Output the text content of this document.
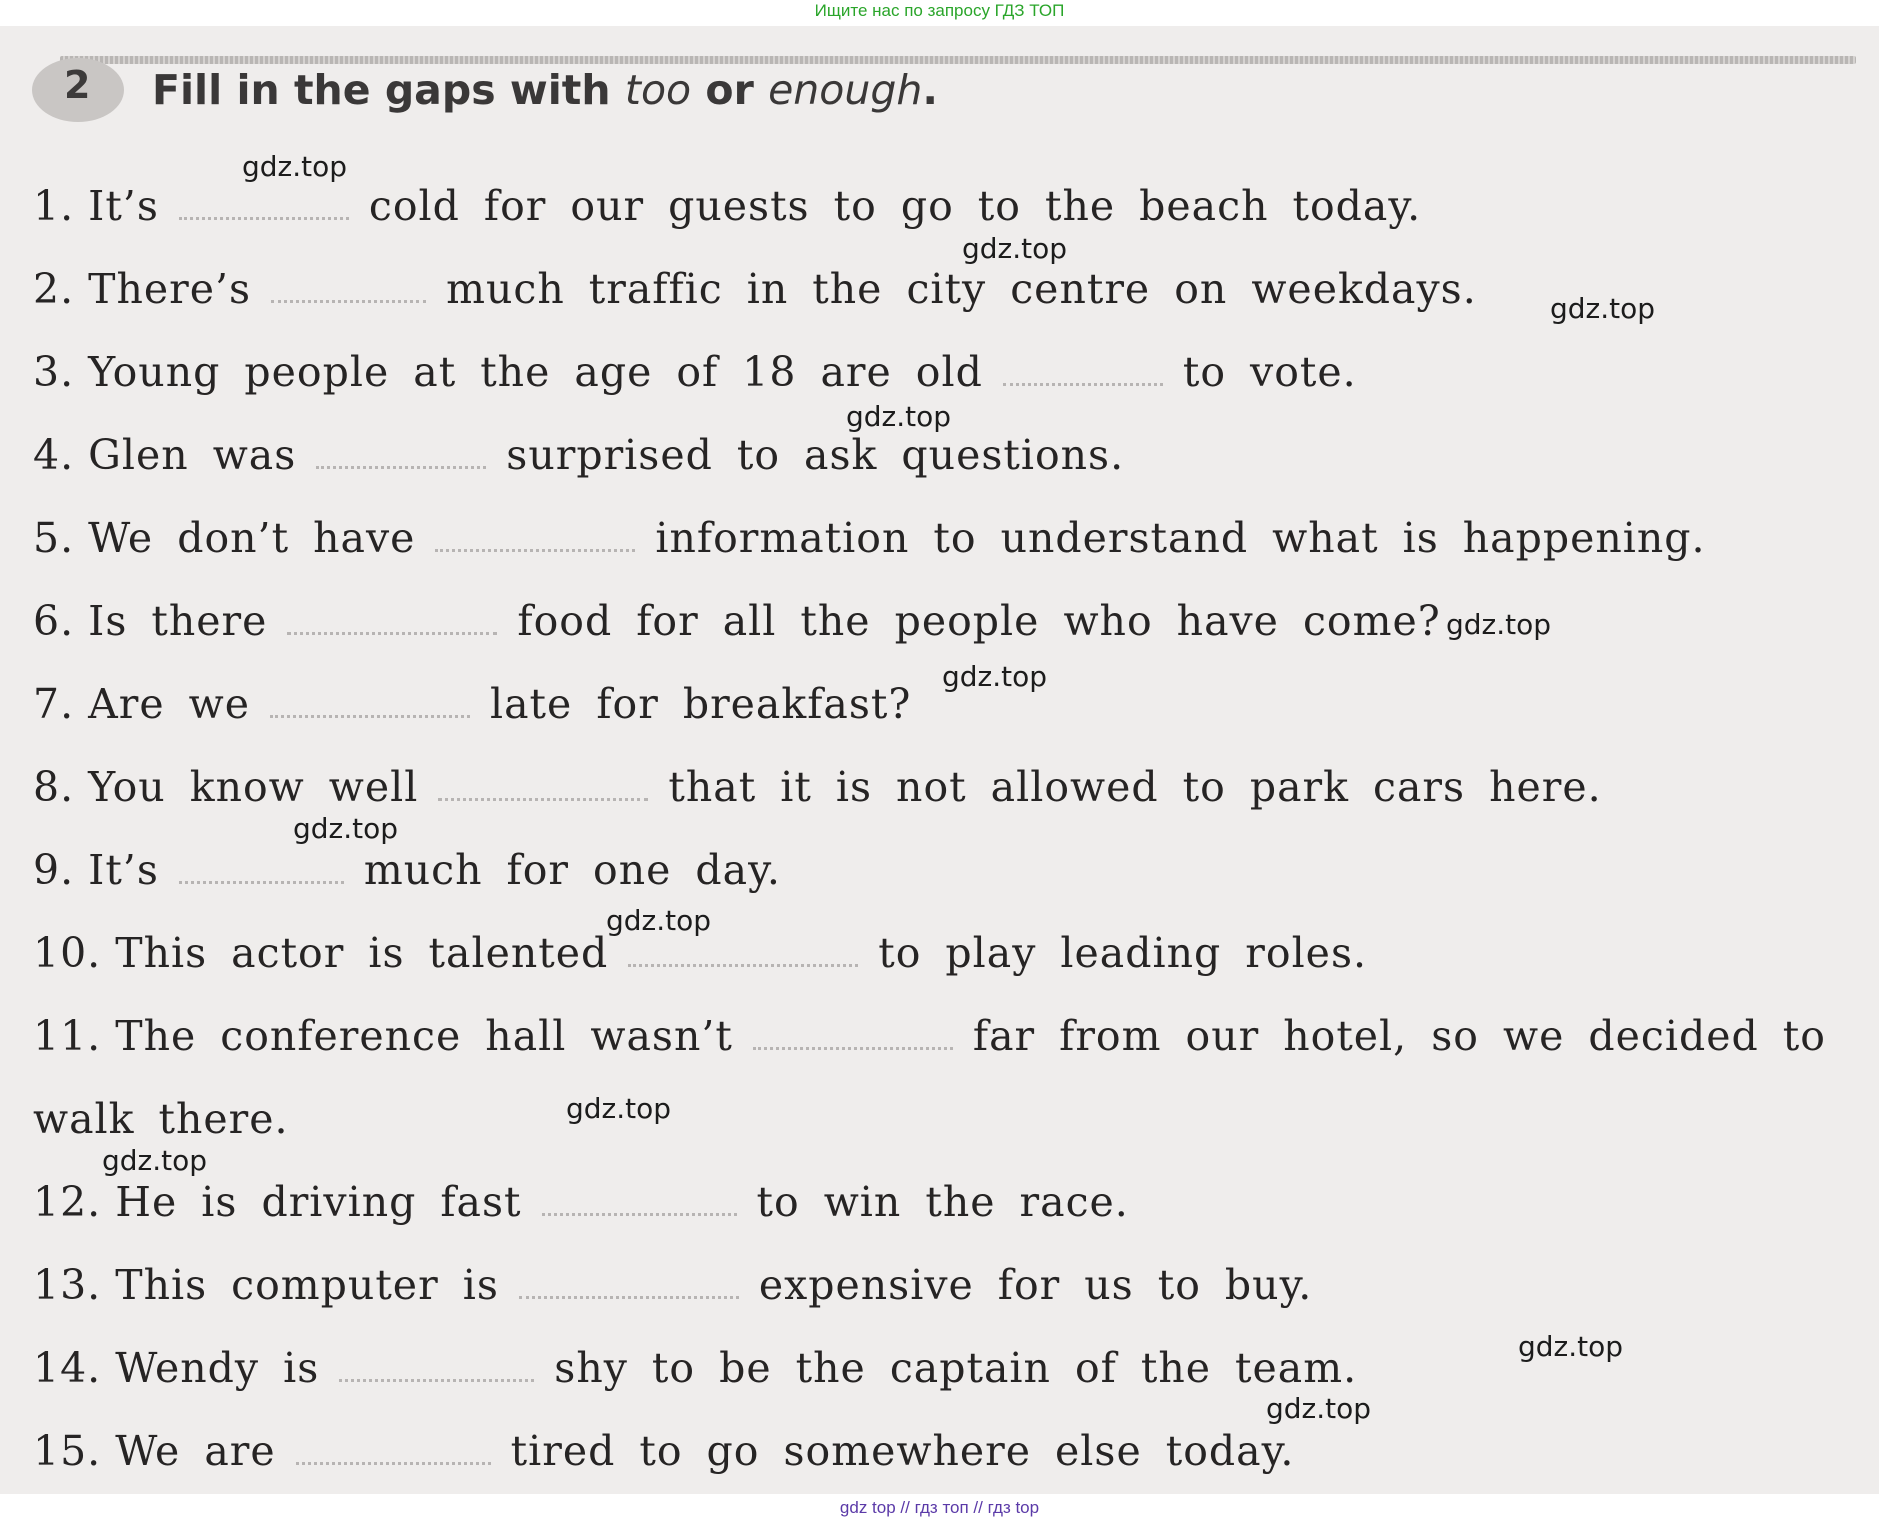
Ищите нас по запросу ГДЗ ТОП
2 Fill in the gaps with too or enough.
1. It’s	cold for our guests to go to the beach today.
2. There’s	much traffic in the city centre on weekdays.
3. Young people at the age of 18 are old	to vote.
4. Glen was	surprised to ask questions.
5. We don’t have	information to understand what is happening.
6. Is there	food for all the people who have come?
7. Are we	late for breakfast?
8. You know well	that it is not allowed to park cars here.
9. It’s	much for one day.
10. This actor is talented	to play leading roles.
11. The conference hall wasn’t	far from our hotel, so we decided to
walk there.
12. He is driving fast	to win the race.
13. This computer is	expensive for us to buy.
14. Wendy is	shy to be the captain of the team.
15. We are	tired to go somewhere else today.
gdz.top
gdz.top
gdz.top
gdz.top
gdz.top
gdz.top
gdz.top
gdz.top
gdz.top
gdz.top
gdz.top
gdz.top
gdz top // гдз топ // гдз top
